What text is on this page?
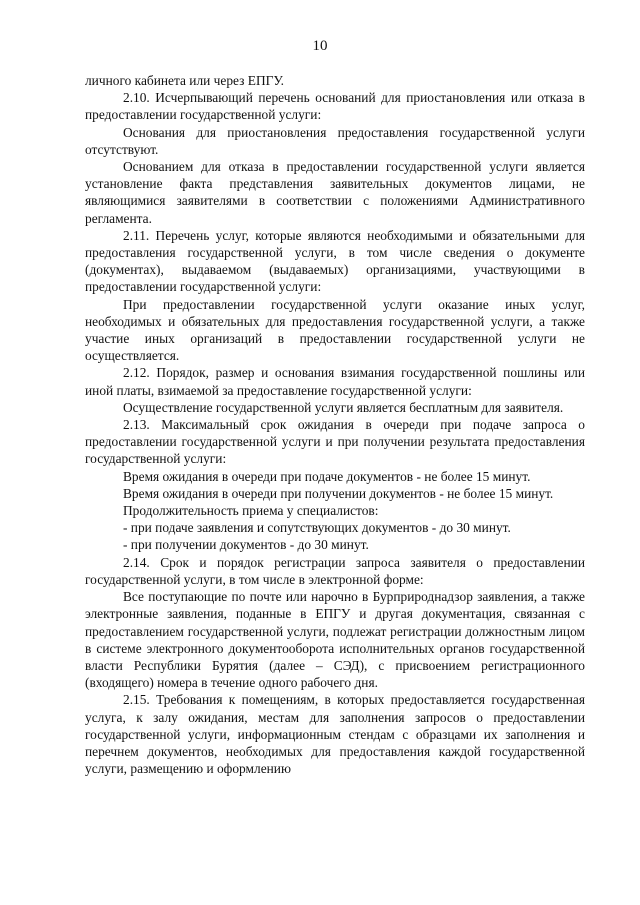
10

личного кабинета или через ЕПГУ.

2.10. Исчерпывающий перечень оснований для приостановления или отказа в предоставлении государственной услуги:

Основания для приостановления предоставления государственной услуги отсутствуют.

Основанием для отказа в предоставлении государственной услуги является установление факта представления заявительных документов лицами, не являющимися заявителями в соответствии с положениями Административного регламента.

2.11. Перечень услуг, которые являются необходимыми и обязательными для предоставления государственной услуги, в том числе сведения о документе (документах), выдаваемом (выдаваемых) организациями, участвующими в предоставлении государственной услуги:

При предоставлении государственной услуги оказание иных услуг, необходимых и обязательных для предоставления государственной услуги, а также участие иных организаций в предоставлении государственной услуги не осуществляется.

2.12. Порядок, размер и основания взимания государственной пошлины или иной платы, взимаемой за предоставление государственной услуги:

Осуществление государственной услуги является бесплатным для заявителя.

2.13. Максимальный срок ожидания в очереди при подаче запроса о предоставлении государственной услуги и при получении результата предоставления государственной услуги:

Время ожидания в очереди при подаче документов - не более 15 минут.

Время ожидания в очереди при получении документов - не более 15 минут.

Продолжительность приема у специалистов:

- при подаче заявления и сопутствующих документов - до 30 минут.

- при получении документов - до 30 минут.

2.14. Срок и порядок регистрации запроса заявителя о предоставлении государственной услуги, в том числе в электронной форме:

Все поступающие по почте или нарочно в Бурприроднадзор заявления, а также электронные заявления, поданные в ЕПГУ и другая документация, связанная с предоставлением государственной услуги, подлежат регистрации должностным лицом в системе электронного документооборота исполнительных органов государственной власти Республики Бурятия (далее – СЭД), с присвоением регистрационного (входящего) номера в течение одного рабочего дня.

2.15. Требования к помещениям, в которых предоставляется государственная услуга, к залу ожидания, местам для заполнения запросов о предоставлении государственной услуги, информационным стендам с образцами их заполнения и перечнем документов, необходимых для предоставления каждой государственной услуги, размещению и оформлению
